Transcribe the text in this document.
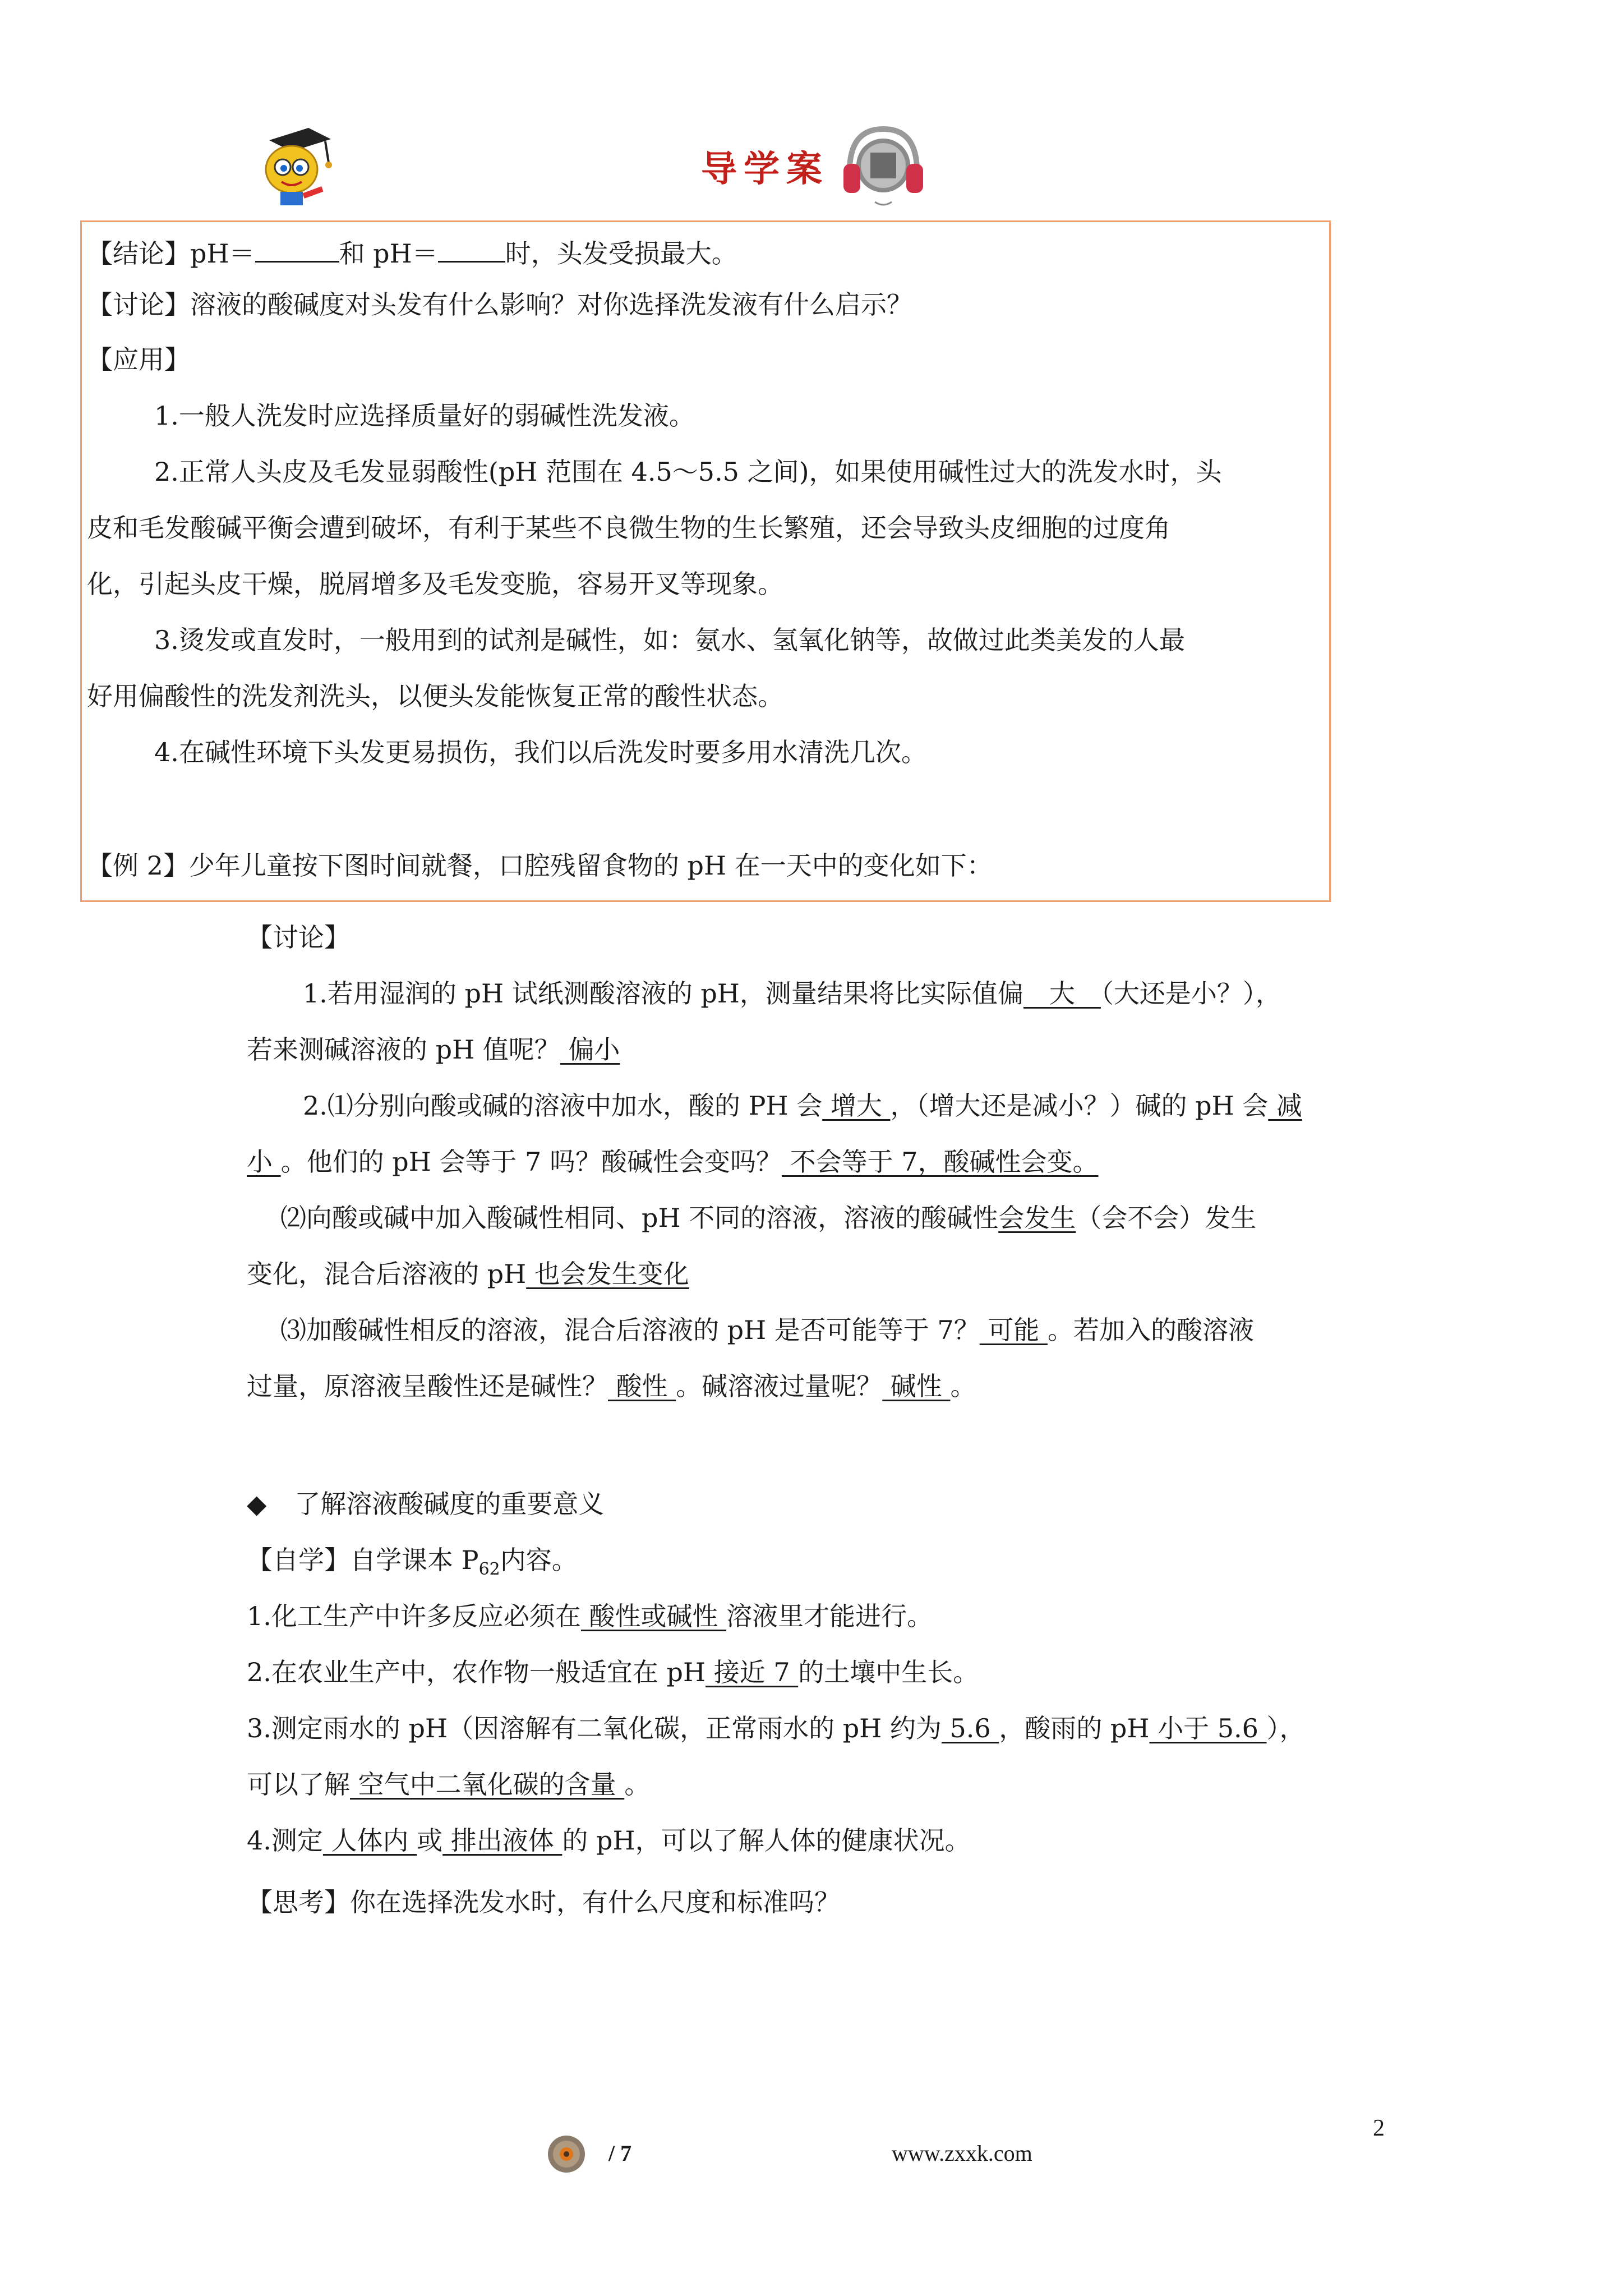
导学案
【结论】pH＝	和 pH＝	时，头发受损最大。
【讨论】溶液的酸碱度对头发有什么影响？对你选择洗发液有什么启示？
【应用】
1.一般人洗发时应选择质量好的弱碱性洗发液。
2.正常人头皮及毛发显弱酸性(pH 范围在 4.5～5.5 之间)，如果使用碱性过大的洗发水时，头
皮和毛发酸碱平衡会遭到破坏，有利于某些不良微生物的生长繁殖，还会导致头皮细胞的过度角
化，引起头皮干燥，脱屑增多及毛发变脆，容易开叉等现象。
3.烫发或直发时，一般用到的试剂是碱性，如：氨水、氢氧化钠等，故做过此类美发的人最
好用偏酸性的洗发剂洗头，以便头发能恢复正常的酸性状态。
4.在碱性环境下头发更易损伤，我们以后洗发时要多用水清洗几次。
【例 2】少年儿童按下图时间就餐，口腔残留食物的 pH 在一天中的变化如下：
【讨论】
1.若用湿润的 pH 试纸测酸溶液的 pH，测量结果将比实际值偏　大　（大还是小？），
若来测碱溶液的 pH 值呢？ 偏小
2.⑴分别向酸或碱的溶液中加水，酸的 PH 会 增大 ，（增大还是减小？）碱的 pH 会 减
小 。他们的 pH 会等于 7 吗？酸碱性会变吗？ 不会等于 7，酸碱性会变。
⑵向酸或碱中加入酸碱性相同、pH 不同的溶液，溶液的酸碱性会发生（会不会）发生
变化，混合后溶液的 pH 也会发生变化
⑶加酸碱性相反的溶液，混合后溶液的 pH 是否可能等于 7？ 可能 。若加入的酸溶液
过量，原溶液呈酸性还是碱性？ 酸性 。碱溶液过量呢？ 碱性 。
◆ 了解溶液酸碱度的重要意义
【自学】自学课本 $P_{62}$内容。
1.化工生产中许多反应必须在 酸性或碱性 溶液里才能进行。
2.在农业生产中，农作物一般适宜在 pH 接近 7 的土壤中生长。
3.测定雨水的 pH（因溶解有二氧化碳，正常雨水的 pH 约为 5.6 ，酸雨的 pH 小于 5.6 ），
可以了解 空气中二氧化碳的含量 。
4.测定 人体内 或 排出液体 的 pH，可以了解人体的健康状况。
【思考】你在选择洗发水时，有什么尺度和标准吗？
/ 7	www.zxxk.com
2
